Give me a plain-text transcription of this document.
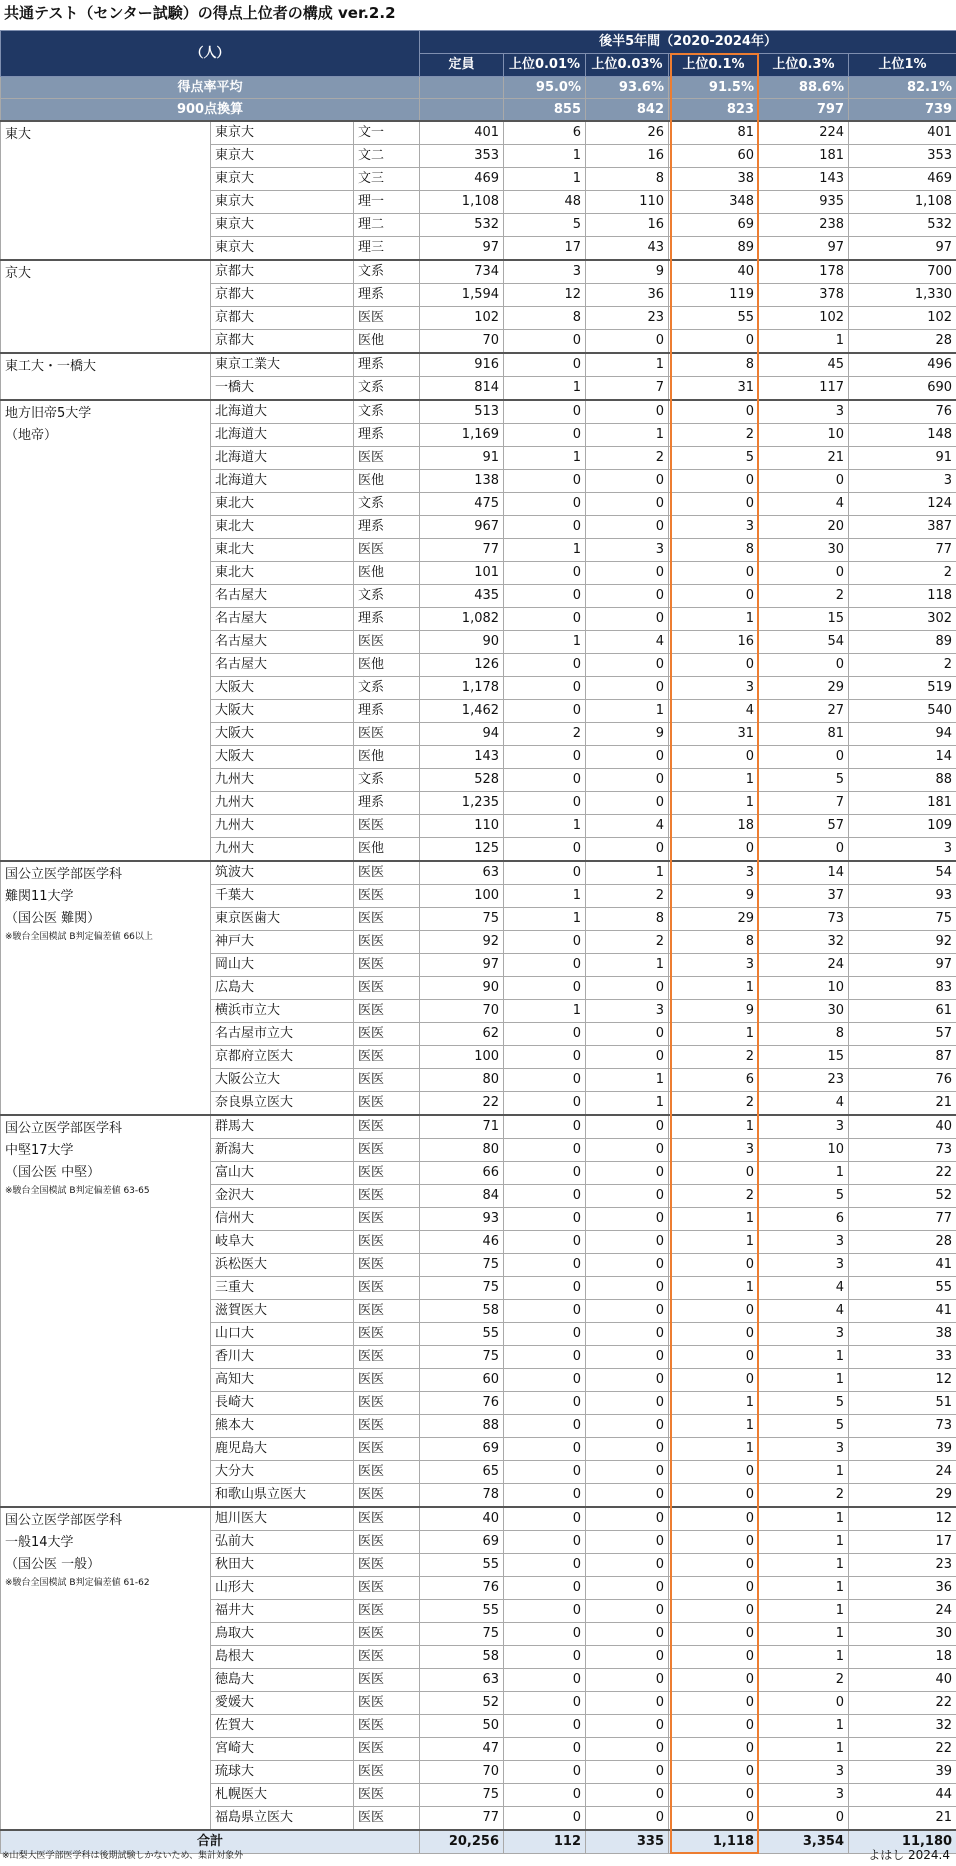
共通テスト（センター試験）の得点上位者の構成 ver.2.2
（人）			後半5年間（2020-2024年）					
			定員	上位0.01%	上位0.03%	上位0.1%	上位0.3%	上位1%
得点率平均				95.0%	93.6%	91.5%	88.6%	82.1%
900点換算				855	842	823	797	739

東大	東京大	文一	401	6	26	81	224	401
	東京大	文二	353	1	16	60	181	353
	東京大	文三	469	1	8	38	143	469
	東京大	理一	1,108	48	110	348	935	1,108
	東京大	理二	532	5	16	69	238	532
	東京大	理三	97	17	43	89	97	97

京大	京都大	文系	734	3	9	40	178	700
	京都大	理系	1,594	12	36	119	378	1,330
	京都大	医医	102	8	23	55	102	102
	京都大	医他	70	0	0	0	1	28

東工大・一橋大	東京工業大	理系	916	0	1	8	45	496
	一橋大	文系	814	1	7	31	117	690

地方旧帝5大学
（地帝）	北海道大	文系	513	0	0	0	3	76
	北海道大	理系	1,169	0	1	2	10	148
	北海道大	医医	91	1	2	5	21	91
	北海道大	医他	138	0	0	0	0	3
	東北大	文系	475	0	0	0	4	124
	東北大	理系	967	0	0	3	20	387
	東北大	医医	77	1	3	8	30	77
	東北大	医他	101	0	0	0	0	2
	名古屋大	文系	435	0	0	0	2	118
	名古屋大	理系	1,082	0	0	1	15	302
	名古屋大	医医	90	1	4	16	54	89
	名古屋大	医他	126	0	0	0	0	2
	大阪大	文系	1,178	0	0	3	29	519
	大阪大	理系	1,462	0	1	4	27	540
	大阪大	医医	94	2	9	31	81	94
	大阪大	医他	143	0	0	0	0	14
	九州大	文系	528	0	0	1	5	88
	九州大	理系	1,235	0	0	1	7	181
	九州大	医医	110	1	4	18	57	109
	九州大	医他	125	0	0	0	0	3

国公立医学部医学科
難関11大学
（国公医 難関）
※駿台全国模試 B判定偏差値 66以上	筑波大	医医	63	0	1	3	14	54
	千葉大	医医	100	1	2	9	37	93
	東京医歯大	医医	75	1	8	29	73	75
	神戸大	医医	92	0	2	8	32	92
	岡山大	医医	97	0	1	3	24	97
	広島大	医医	90	0	0	1	10	83
	横浜市立大	医医	70	1	3	9	30	61
	名古屋市立大	医医	62	0	0	1	8	57
	京都府立医大	医医	100	0	0	2	15	87
	大阪公立大	医医	80	0	1	6	23	76
	奈良県立医大	医医	22	0	1	2	4	21

国公立医学部医学科
中堅17大学
（国公医 中堅）
※駿台全国模試 B判定偏差値 63-65	群馬大	医医	71	0	0	1	3	40
	新潟大	医医	80	0	0	3	10	73
	富山大	医医	66	0	0	0	1	22
	金沢大	医医	84	0	0	2	5	52
	信州大	医医	93	0	0	1	6	77
	岐阜大	医医	46	0	0	1	3	28
	浜松医大	医医	75	0	0	0	3	41
	三重大	医医	75	0	0	1	4	55
	滋賀医大	医医	58	0	0	0	4	41
	山口大	医医	55	0	0	0	3	38
	香川大	医医	75	0	0	0	1	33
	高知大	医医	60	0	0	0	1	12
	長崎大	医医	76	0	0	1	5	51
	熊本大	医医	88	0	0	1	5	73
	鹿児島大	医医	69	0	0	1	3	39
	大分大	医医	65	0	0	0	1	24
	和歌山県立医大	医医	78	0	0	0	2	29

国公立医学部医学科
一般14大学
（国公医 一般）
※駿台全国模試 B判定偏差値 61-62	旭川医大	医医	40	0	0	0	1	12
	弘前大	医医	69	0	0	0	1	17
	秋田大	医医	55	0	0	0	1	23
	山形大	医医	76	0	0	0	1	36
	福井大	医医	55	0	0	0	1	24
	鳥取大	医医	75	0	0	0	1	30
	島根大	医医	58	0	0	0	1	18
	徳島大	医医	63	0	0	0	2	40
	愛媛大	医医	52	0	0	0	0	22
	佐賀大	医医	50	0	0	0	1	32
	宮崎大	医医	47	0	0	0	1	22
	琉球大	医医	70	0	0	0	3	39
	札幌医大	医医	75	0	0	0	3	44
	福島県立医大	医医	77	0	0	0	0	21
合計			20,256	112	335	1,118	3,354	11,180
※山梨大医学部医学科は後期試験しかないため、集計対象外	よはし 2024.4
